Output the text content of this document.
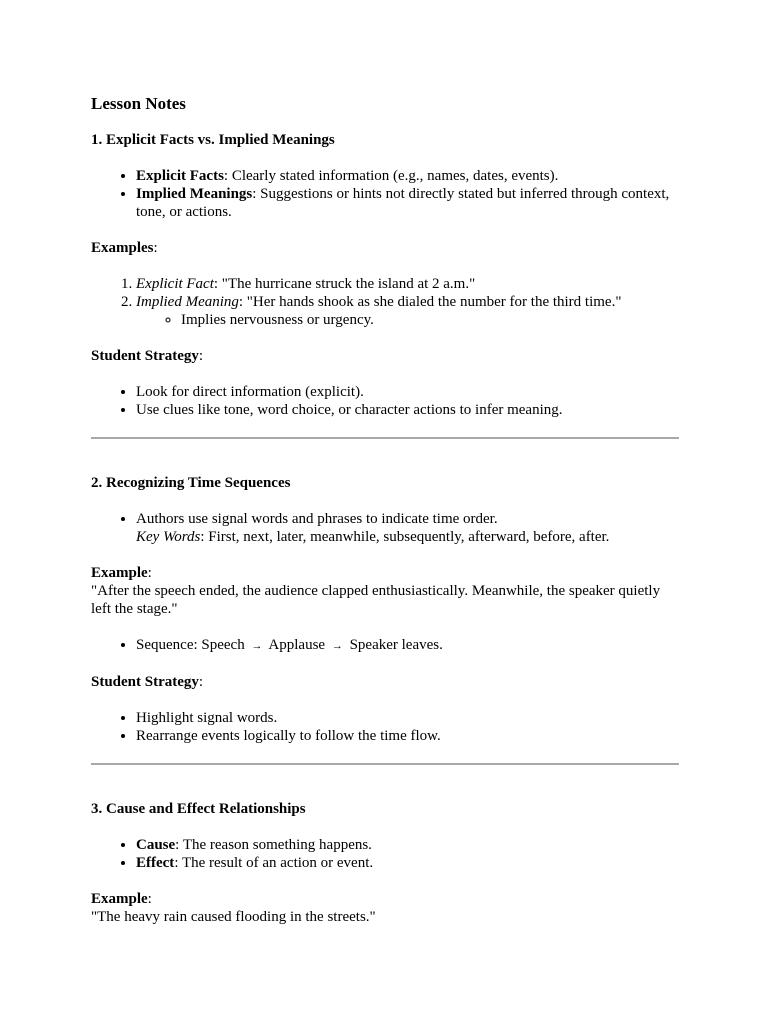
Lesson Notes
1. Explicit Facts vs. Implied Meanings
• Explicit Facts: Clearly stated information (e.g., names, dates, events).
• Implied Meanings: Suggestions or hints not directly stated but inferred through context, tone, or actions.

Examples:

1. Explicit Fact: "The hurricane struck the island at 2 a.m."
2. Implied Meaning: "Her hands shook as she dialed the number for the third time."
◦ Implies nervousness or urgency.

Student Strategy:

• Look for direct information (explicit).
• Use clues like tone, word choice, or character actions to infer meaning.
2. Recognizing Time Sequences
• Authors use signal words and phrases to indicate time order.
Key Words: First, next, later, meanwhile, subsequently, afterward, before, after.

Example:
"After the speech ended, the audience clapped enthusiastically. Meanwhile, the speaker quietly left the stage."

• Sequence: Speech → Applause → Speaker leaves.

Student Strategy:

• Highlight signal words.
• Rearrange events logically to follow the time flow.
3. Cause and Effect Relationships
• Cause: The reason something happens.
• Effect: The result of an action or event.

Example:
"The heavy rain caused flooding in the streets."
